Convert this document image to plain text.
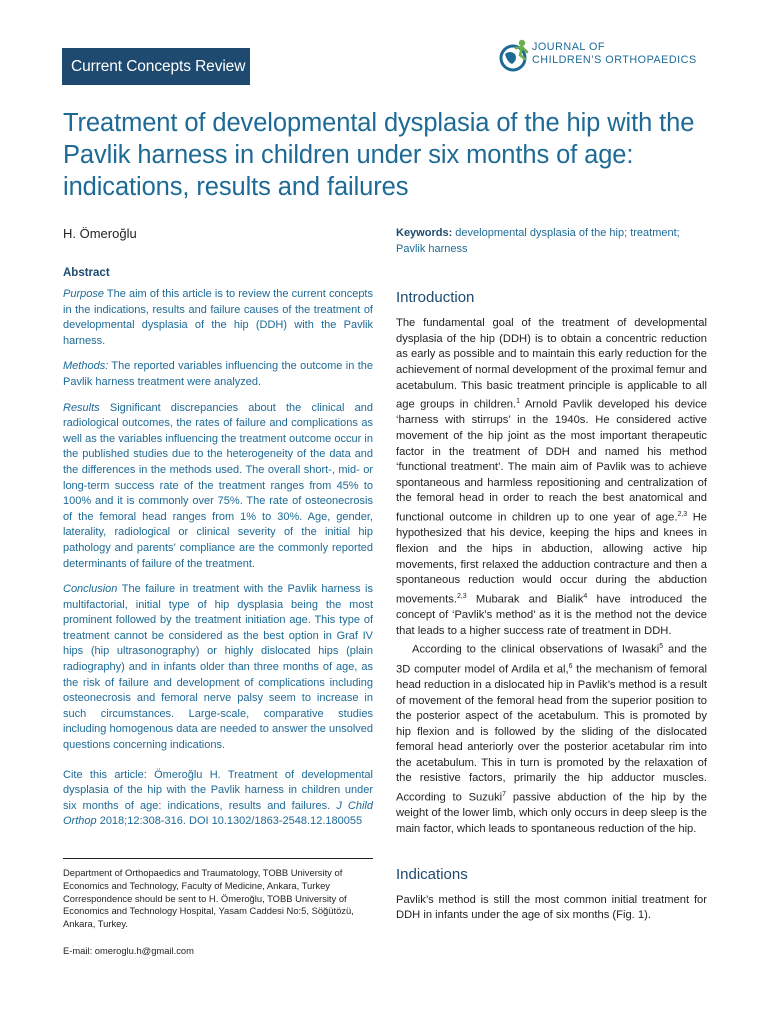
Current Concepts Review
JOURNAL OF
CHILDREN’S ORTHOPAEDICS
Treatment of developmental dysplasia of the hip with the Pavlik harness in children under six months of age: indications, results and failures
H. Ömeroğlu
Abstract

Purpose The aim of this article is to review the current concepts in the indications, results and failure causes of the treatment of developmental dysplasia of the hip (DDH) with the Pavlik harness.

Methods: The reported variables influencing the outcome in the Pavlik harness treatment were analyzed.

Results Significant discrepancies about the clinical and radiological outcomes, the rates of failure and complications as well as the variables influencing the treatment outcome occur in the published studies due to the heterogeneity of the data and the differences in the methods used. The overall short-, mid- or long-term success rate of the treatment ranges from 45% to 100% and it is commonly over 75%. The rate of osteonecrosis of the femoral head ranges from 1% to 30%. Age, gender, laterality, radiological or clinical severity of the initial hip pathology and parents’ compliance are the commonly reported determinants of failure of the treatment.

Conclusion The failure in treatment with the Pavlik harness is multifactorial, initial type of hip dysplasia being the most prominent followed by the treatment initiation age. This type of treatment cannot be considered as the best option in Graf IV hips (hip ultrasonography) or highly dislocated hips (plain radiography) and in infants older than three months of age, as the risk of failure and development of complications including osteonecrosis and femoral nerve palsy seem to increase in such circumstances. Large-scale, comparative studies including homogenous data are needed to answer the unsolved questions concerning indications.

Cite this article: Ömeroğlu H. Treatment of developmental dysplasia of the hip with the Pavlik harness in children under six months of age: indications, results and failures. J Child Orthop 2018;12:308-316. DOI 10.1302/1863-2548.12.180055

Department of Orthopaedics and Traumatology, TOBB University of Economics and Technology, Faculty of Medicine, Ankara, Turkey
Correspondence should be sent to H. Ömeroğlu, TOBB University of Economics and Technology Hospital, Yasam Caddesi No:5, Söğütözü, Ankara, Turkey.
E-mail: omeroglu.h@gmail.com

Keywords: developmental dysplasia of the hip; treatment; Pavlik harness

Introduction

The fundamental goal of the treatment of developmental dysplasia of the hip (DDH) is to obtain a concentric reduction as early as possible and to maintain this early reduction for the achievement of normal development of the proximal femur and acetabulum. This basic treatment principle is applicable to all age groups in children.$^1$ Arnold Pavlik developed his device ‘harness with stirrups’ in the 1940s. He considered active movement of the hip joint as the most important therapeutic factor in the treatment of DDH and named his method ‘functional treatment’. The main aim of Pavlik was to achieve spontaneous and harmless repositioning and centralization of the femoral head in order to reach the best anatomical and functional outcome in children up to one year of age.$^{2,3}$ He hypothesized that his device, keeping the hips and knees in flexion and the hips in abduction, allowing active hip movements, first relaxed the adduction contracture and then a spontaneous reduction would occur during the abduction movements.$^{2,3}$ Mubarak and Bialik$^4$ have introduced the concept of ‘Pavlik’s method’ as it is the method not the device that leads to a higher success rate of treatment in DDH.

According to the clinical observations of Iwasaki$^5$ and the 3D computer model of Ardila et al,$^6$ the mechanism of femoral head reduction in a dislocated hip in Pavlik’s method is a result of movement of the femoral head from the superior position to the posterior aspect of the acetabulum. This is promoted by hip flexion and is followed by the sliding of the dislocated femoral head anteriorly over the posterior acetabular rim into the acetabulum. This in turn is promoted by the relaxation of the resistive factors, primarily the hip adductor muscles. According to Suzuki$^7$ passive abduction of the hip by the weight of the lower limb, which only occurs in deep sleep is the main factor, which leads to spontaneous reduction of the hip.

Indications

Pavlik’s method is still the most common initial treatment for DDH in infants under the age of six months (Fig. 1).
